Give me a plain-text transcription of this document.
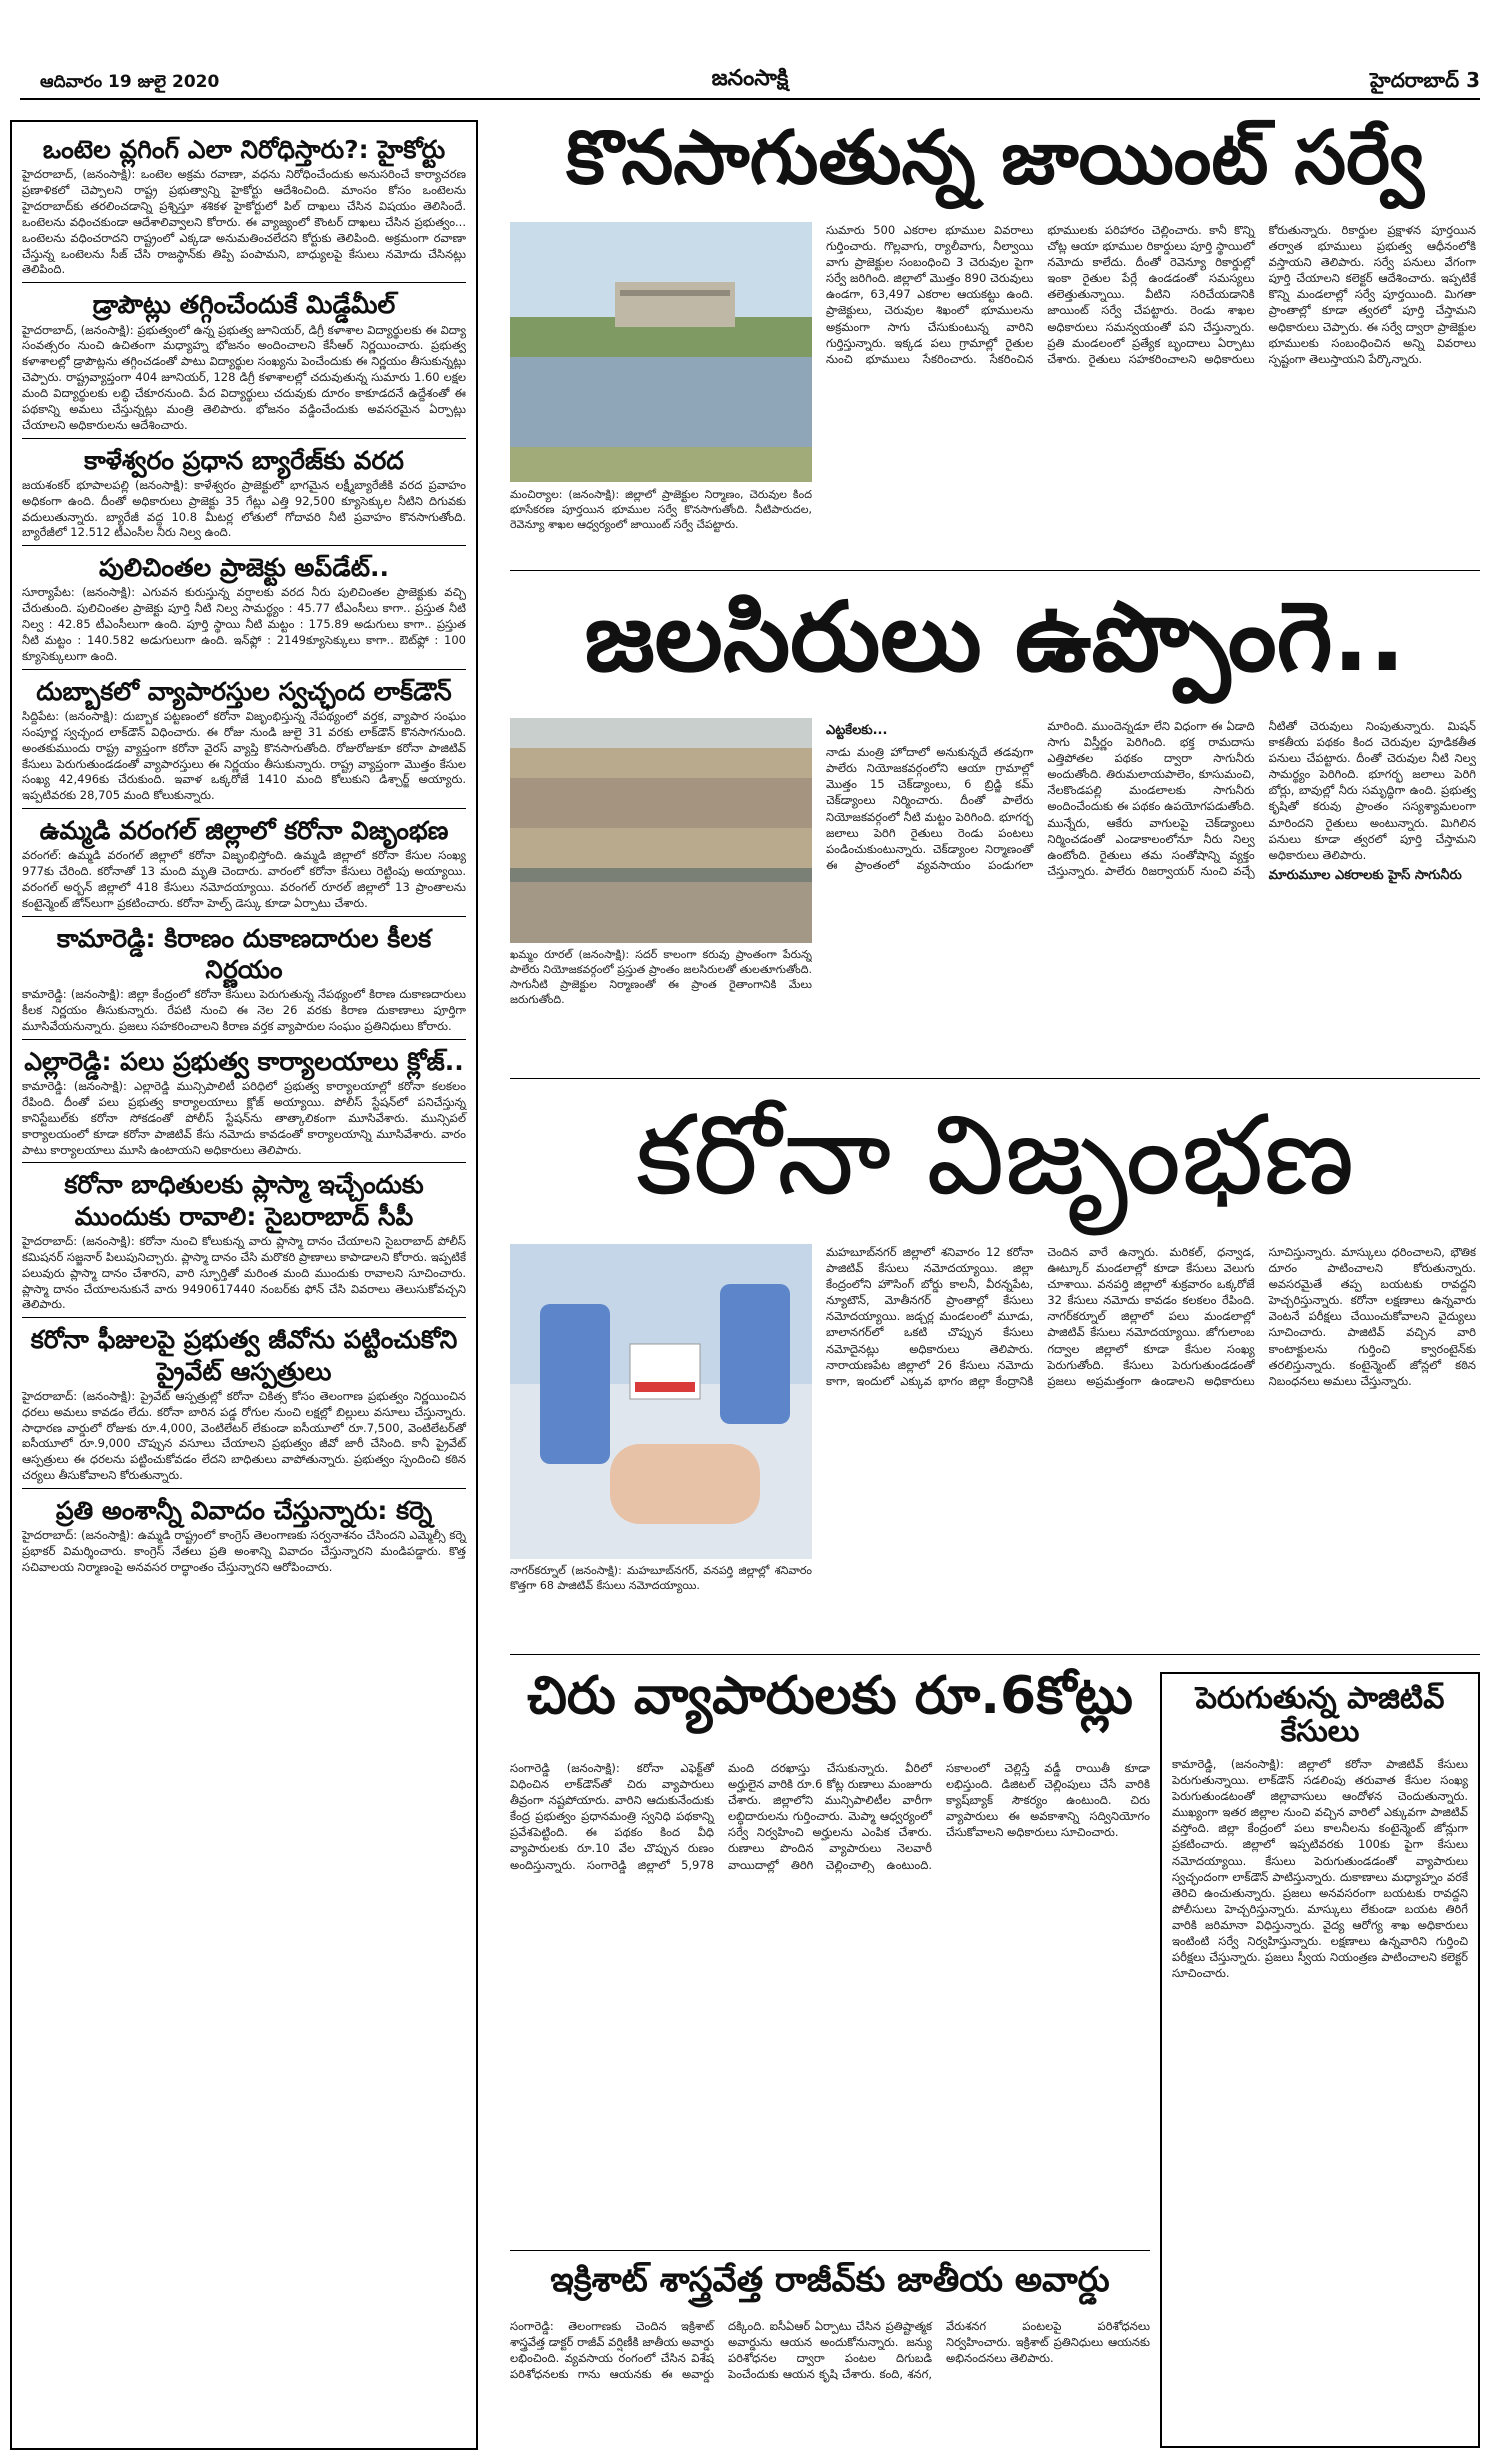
ఆదివారం 19 జులై 2020	జనంసాక్షి	హైదరాబాద్ 3
ఒంటెల వ్లగింగ్ ఎలా నిరోధిస్తారు?: హైకోర్టు
హైదరాబాద్, (జనంసాక్షి): ఒంటెల అక్రమ రవాణా, వధను నిరోధించేందుకు అనుసరించే కార్యాచరణ ప్రణాళికలో చెప్పాలని రాష్ట్ర ప్రభుత్వాన్ని హైకోర్టు ఆదేశించింది. మాంసం కోసం ఒంటెలను హైదరాబాద్‌కు తరలించడాన్ని ప్రశ్నిస్తూ శశికళ హైకోర్టులో పిల్ దాఖలు చేసిన విషయం తెలిసిందే. ఒంటెలను వధించకుండా ఆదేశాలివ్వాలని కోరారు. ఈ వ్యాజ్యంలో కౌంటర్ దాఖలు చేసిన ప్రభుత్వం... ఒంటెలను వధించరాదని రాష్ట్రంలో ఎక్కడా అనుమతించలేదని కోర్టుకు తెలిపింది. అక్రమంగా రవాణా చేస్తున్న ఒంటెలను సీజ్ చేసి రాజస్థాన్‌కు తిప్పి పంపామని, బాధ్యులపై కేసులు నమోదు చేసినట్లు తెలిపింది.
డ్రాపౌట్లు తగ్గించేందుకే మిడ్డేమీల్
హైదరాబాద్, (జనంసాక్షి): ప్రభుత్వంలో ఉన్న ప్రభుత్వ జూనియర్, డిగ్రీ కళాశాల విద్యార్థులకు ఈ విద్యా సంవత్సరం నుంచి ఉచితంగా మధ్యాహ్న భోజనం అందించాలని కేసీఆర్ నిర్ణయించారు. ప్రభుత్వ కళాశాలల్లో డ్రాపౌట్లను తగ్గించడంతో పాటు విద్యార్థుల సంఖ్యను పెంచేందుకు ఈ నిర్ణయం తీసుకున్నట్లు చెప్పారు. రాష్ట్రవ్యాప్తంగా 404 జూనియర్, 128 డిగ్రీ కళాశాలల్లో చదువుతున్న సుమారు 1.60 లక్షల మంది విద్యార్థులకు లబ్ధి చేకూరనుంది. పేద విద్యార్థులు చదువుకు దూరం కాకూడదనే ఉద్దేశంతో ఈ పథకాన్ని అమలు చేస్తున్నట్లు మంత్రి తెలిపారు. భోజనం వడ్డించేందుకు అవసరమైన ఏర్పాట్లు చేయాలని అధికారులను ఆదేశించారు.
కాళేశ్వరం ప్రధాన బ్యారేజ్‌కు వరద
జయశంకర్ భూపాలపల్లి (జనంసాక్షి): కాళేశ్వరం ప్రాజెక్టులో భాగమైన లక్ష్మీబ్యారేజీకి వరద ప్రవాహం అధికంగా ఉంది. దీంతో అధికారులు ప్రాజెక్టు 35 గేట్లు ఎత్తి 92,500 క్యూసెక్కుల నీటిని దిగువకు వదులుతున్నారు. బ్యారేజీ వద్ద 10.8 మీటర్ల లోతులో గోదావరి నీటి ప్రవాహం కొనసాగుతోంది. బ్యారేజీలో 12.512 టీఎంసీల నీరు నిల్వ ఉంది.
పులిచింతల ప్రాజెక్టు అప్‌డేట్..
సూర్యాపేట: (జనంసాక్షి): ఎగువన కురుస్తున్న వర్షాలకు వరద నీరు పులిచింతల ప్రాజెక్టుకు వచ్చి చేరుతుంది. పులిచింతల ప్రాజెక్టు పూర్తి నీటి నిల్వ సామర్థ్యం : 45.77 టీఎంసీలు కాగా.. ప్రస్తుత నీటి నిల్వ : 42.85 టీఎంసీలుగా ఉంది. పూర్తి స్థాయి నీటి మట్టం : 175.89 అడుగులు కాగా.. ప్రస్తుత నీటి మట్టం : 140.582 అడుగులుగా ఉంది. ఇన్‌ఫ్లో : 2149క్యూసెక్కులు కాగా.. ఔట్‌ఫ్లో : 100 క్యూసెక్కులుగా ఉంది.
దుబ్బాకలో వ్యాపారస్తుల స్వచ్ఛంద లాక్‌డౌన్
సిద్దిపేట: (జనంసాక్షి): దుబ్బాక పట్టణంలో కరోనా విజృంభిస్తున్న నేపథ్యంలో వర్తక, వ్యాపార సంఘం సంపూర్ణ స్వచ్ఛంద లాక్‌డౌన్ విధించారు. ఈ రోజు నుండి జులై 31 వరకు లాక్‌డౌన్ కొనసాగనుంది. అంతకుముందు రాష్ట్ర వ్యాప్తంగా కరోనా వైరస్ వ్యాప్తి కొనసాగుతోంది. రోజురోజుకూ కరోనా పాజిటివ్ కేసులు పెరుగుతుండడంతో వ్యాపారస్తులు ఈ నిర్ణయం తీసుకున్నారు. రాష్ట్ర వ్యాప్తంగా మొత్తం కేసుల సంఖ్య 42,496కు చేరుకుంది. ఇవాళ ఒక్కరోజే 1410 మంది కోలుకుని డిశ్చార్జ్ అయ్యారు. ఇప్పటివరకు 28,705 మంది కోలుకున్నారు.
ఉమ్మడి వరంగల్ జిల్లాలో కరోనా విజృంభణ
వరంగల్: ఉమ్మడి వరంగల్ జిల్లాలో కరోనా విజృంభిస్తోంది. ఉమ్మడి జిల్లాలో కరోనా కేసుల సంఖ్య 977కు చేరింది. కరోనాతో 13 మంది మృతి చెందారు. వారంలో కరోనా కేసులు రెట్టింపు అయ్యాయి. వరంగల్ అర్బన్ జిల్లాలో 418 కేసులు నమోదయ్యాయి. వరంగల్ రూరల్ జిల్లాలో 13 ప్రాంతాలను కంటైన్మెంట్ జోన్‌లుగా ప్రకటించారు. కరోనా హెల్ప్ డెస్కు కూడా ఏర్పాటు చేశారు.
కామారెడ్డి: కిరాణం దుకాణదారుల కీలక నిర్ణయం
కామారెడ్డి: (జనంసాక్షి): జిల్లా కేంద్రంలో కరోనా కేసులు పెరుగుతున్న నేపథ్యంలో కిరాణ దుకాణదారులు కీలక నిర్ణయం తీసుకున్నారు. రేపటి నుంచి ఈ నెల 26 వరకు కిరాణ దుకాణాలు పూర్తిగా మూసివేయనున్నారు. ప్రజలు సహకరించాలని కిరాణ వర్తక వ్యాపారుల సంఘం ప్రతినిధులు కోరారు.
ఎల్లారెడ్డి: పలు ప్రభుత్వ కార్యాలయాలు క్లోజ్..
కామారెడ్డి: (జనంసాక్షి): ఎల్లారెడ్డి మున్సిపాలిటీ పరిధిలో ప్రభుత్వ కార్యాలయాల్లో కరోనా కలకలం రేపింది. దీంతో పలు ప్రభుత్వ కార్యాలయాలు క్లోజ్ అయ్యాయి. పోలీస్ స్టేషన్‌లో పనిచేస్తున్న కానిస్టేబుల్‌కు కరోనా సోకడంతో పోలీస్ స్టేషన్‌ను తాత్కాలికంగా మూసివేశారు. మున్సిపల్ కార్యాలయంలో కూడా కరోనా పాజిటివ్ కేసు నమోదు కావడంతో కార్యాలయాన్ని మూసివేశారు. వారం పాటు కార్యాలయాలు మూసి ఉంటాయని అధికారులు తెలిపారు.
కరోనా బాధితులకు ప్లాస్మా ఇచ్చేందుకు ముందుకు రావాలి: సైబరాబాద్ సీపీ
హైదరాబాద్: (జనంసాక్షి): కరోనా నుంచి కోలుకున్న వారు ప్లాస్మా దానం చేయాలని సైబరాబాద్ పోలీస్ కమిషనర్ సజ్జనార్ పిలుపునిచ్చారు. ప్లాస్మా దానం చేసి మరొకరి ప్రాణాలు కాపాడాలని కోరారు. ఇప్పటికే పలువురు ప్లాస్మా దానం చేశారని, వారి స్ఫూర్తితో మరింత మంది ముందుకు రావాలని సూచించారు. ప్లాస్మా దానం చేయాలనుకునే వారు 9490617440 నంబర్‌కు ఫోన్ చేసి వివరాలు తెలుసుకోవచ్చని తెలిపారు.
కరోనా ఫీజులపై ప్రభుత్వ జీవోను పట్టించుకోని ప్రైవేట్ ఆస్పత్రులు
హైదరాబాద్: (జనంసాక్షి): ప్రైవేట్ ఆస్పత్రుల్లో కరోనా చికిత్స కోసం తెలంగాణ ప్రభుత్వం నిర్ణయించిన ధరలు అమలు కావడం లేదు. కరోనా బారిన పడ్డ రోగుల నుంచి లక్షల్లో బిల్లులు వసూలు చేస్తున్నారు. సాధారణ వార్డులో రోజుకు రూ.4,000, వెంటిలేటర్ లేకుండా ఐసీయూలో రూ.7,500, వెంటిలేటర్‌తో ఐసీయూలో రూ.9,000 చొప్పున వసూలు చేయాలని ప్రభుత్వం జీవో జారీ చేసింది. కానీ ప్రైవేట్ ఆస్పత్రులు ఈ ధరలను పట్టించుకోవడం లేదని బాధితులు వాపోతున్నారు. ప్రభుత్వం స్పందించి కఠిన చర్యలు తీసుకోవాలని కోరుతున్నారు.
ప్రతి అంశాన్నీ వివాదం చేస్తున్నారు: కర్నె
హైదరాబాద్: (జనంసాక్షి): ఉమ్మడి రాష్ట్రంలో కాంగ్రెస్ తెలంగాణకు సర్వనాశనం చేసిందని ఎమ్మెల్సీ కర్నె ప్రభాకర్ విమర్శించారు. కాంగ్రెస్ నేతలు ప్రతి అంశాన్ని వివాదం చేస్తున్నారని మండిపడ్డారు. కొత్త సచివాలయ నిర్మాణంపై అనవసర రాద్ధాంతం చేస్తున్నారని ఆరోపించారు.
కొనసాగుతున్న జాయింట్ సర్వే
మంచిర్యాల: (జనంసాక్షి): జిల్లాలో ప్రాజెక్టుల నిర్మాణం, చెరువుల కింద భూసేకరణ పూర్తయిన భూముల సర్వే కొనసాగుతోంది. నీటిపారుదల, రెవెన్యూ శాఖల ఆధ్వర్యంలో జాయింట్ సర్వే చేపట్టారు.
సుమారు 500 ఎకరాల భూముల వివరాలు గుర్తించారు. గొల్లవాగు, ర్యాలీవాగు, నీల్వాయి వాగు ప్రాజెక్టుల సంబంధించి 3 చెరువుల పైగా సర్వే జరిగింది. జిల్లాలో మొత్తం 890 చెరువులు ఉండగా, 63,497 ఎకరాల ఆయకట్టు ఉంది. ప్రాజెక్టులు, చెరువుల శిఖంలో భూములను అక్రమంగా సాగు చేసుకుంటున్న వారిని గుర్తిస్తున్నారు. ఇక్కడ పలు గ్రామాల్లో రైతుల నుంచి భూములు సేకరించారు. సేకరించిన భూములకు పరిహారం చెల్లించారు. కానీ కొన్ని చోట్ల ఆయా భూముల రికార్డులు పూర్తి స్థాయిలో నమోదు కాలేదు. దీంతో రెవెన్యూ రికార్డుల్లో ఇంకా రైతుల పేర్లే ఉండడంతో సమస్యలు తలెత్తుతున్నాయి. వీటిని సరిచేయడానికి జాయింట్ సర్వే చేపట్టారు. రెండు శాఖల అధికారులు సమన్వయంతో పని చేస్తున్నారు. ప్రతి మండలంలో ప్రత్యేక బృందాలు ఏర్పాటు చేశారు. రైతులు సహకరించాలని అధికారులు కోరుతున్నారు. రికార్డుల ప్రక్షాళన పూర్తయిన తర్వాత భూములు ప్రభుత్వ ఆధీనంలోకి వస్తాయని తెలిపారు. సర్వే పనులు వేగంగా పూర్తి చేయాలని కలెక్టర్ ఆదేశించారు. ఇప్పటికే కొన్ని మండలాల్లో సర్వే పూర్తయింది. మిగతా ప్రాంతాల్లో కూడా త్వరలో పూర్తి చేస్తామని అధికారులు చెప్పారు. ఈ సర్వే ద్వారా ప్రాజెక్టుల భూములకు సంబంధించిన అన్ని వివరాలు స్పష్టంగా తెలుస్తాయని పేర్కొన్నారు.
జలసిరులు ఉప్పొంగె..
ఖమ్మం రూరల్ (జనంసాక్షి): సదర్ కాలంగా కరువు ప్రాంతంగా పేరున్న పాలేరు నియోజకవర్గంలో ప్రస్తుత ప్రాంతం జలసిరులతో తులతూగుతోంది. సాగునీటి ప్రాజెక్టుల నిర్మాణంతో ఈ ప్రాంత రైతాంగానికి మేలు జరుగుతోంది.
ఎట్టకేలకు...
నాడు మంత్రి హోదాలో అనుకున్నదే తడవుగా పాలేరు నియోజకవర్గంలోని ఆయా గ్రామాల్లో మొత్తం 15 చెక్‌డ్యాంలు, 6 బ్రిడ్జి కమ్ చెక్‌డ్యాంలు నిర్మించారు. దీంతో పాలేరు నియోజకవర్గంలో నీటి మట్టం పెరిగింది. భూగర్భ జలాలు పెరిగి రైతులు రెండు పంటలు పండించుకుంటున్నారు. చెక్‌డ్యాంల నిర్మాణంతో ఈ ప్రాంతంలో వ్యవసాయం పండుగలా మారింది. ముందెన్నడూ లేని విధంగా ఈ ఏడాది సాగు విస్తీర్ణం పెరిగింది. భక్త రామదాసు ఎత్తిపోతల పథకం ద్వారా సాగునీరు అందుతోంది. తిరుమలాయపాలెం, కూసుమంచి, నేలకొండపల్లి మండలాలకు సాగునీరు అందించేందుకు ఈ పథకం ఉపయోగపడుతోంది. మున్నేరు, ఆకేరు వాగులపై చెక్‌డ్యాంలు నిర్మించడంతో ఎండాకాలంలోనూ నీరు నిల్వ ఉంటోంది. రైతులు తమ సంతోషాన్ని వ్యక్తం చేస్తున్నారు. పాలేరు రిజర్వాయర్ నుంచి వచ్చే నీటితో చెరువులు నింపుతున్నారు. మిషన్ కాకతీయ పథకం కింద చెరువుల పూడికతీత పనులు చేపట్టారు. దీంతో చెరువుల నీటి నిల్వ సామర్థ్యం పెరిగింది. భూగర్భ జలాలు పెరిగి బోర్లు, బావుల్లో నీరు సమృద్ధిగా ఉంది. ప్రభుత్వ కృషితో కరువు ప్రాంతం సస్యశ్యామలంగా మారిందని రైతులు అంటున్నారు. మిగిలిన పనులు కూడా త్వరలో పూర్తి చేస్తామని అధికారులు తెలిపారు.
మారుమూల ఎకరాలకు హైస్ సాగునీరు
కరోనా విజృంభణ
నాగర్‌కర్నూల్ (జనంసాక్షి): మహబూబ్‌నగర్, వనపర్తి జిల్లాల్లో శనివారం కొత్తగా 68 పాజిటివ్ కేసులు నమోదయ్యాయి.
మహబూబ్‌నగర్ జిల్లాలో శనివారం 12 కరోనా పాజిటివ్ కేసులు నమోదయ్యాయి. జిల్లా కేంద్రంలోని హౌసింగ్ బోర్డు కాలనీ, వీరన్నపేట, న్యూటౌన్, మోతీనగర్ ప్రాంతాల్లో కేసులు నమోదయ్యాయి. జడ్చర్ల మండలంలో మూడు, బాలానగర్‌లో ఒకటి చొప్పున కేసులు నమోదైనట్లు అధికారులు తెలిపారు. నారాయణపేట జిల్లాలో 26 కేసులు నమోదు కాగా, ఇందులో ఎక్కువ భాగం జిల్లా కేంద్రానికి చెందిన వారే ఉన్నారు. మరికల్, ధన్వాడ, ఊట్కూర్ మండలాల్లో కూడా కేసులు వెలుగు చూశాయి. వనపర్తి జిల్లాలో శుక్రవారం ఒక్కరోజే 32 కేసులు నమోదు కావడం కలకలం రేపింది. నాగర్‌కర్నూల్ జిల్లాలో పలు మండలాల్లో పాజిటివ్ కేసులు నమోదయ్యాయి. జోగులాంబ గద్వాల జిల్లాలో కూడా కేసుల సంఖ్య పెరుగుతోంది. కేసులు పెరుగుతుండడంతో ప్రజలు అప్రమత్తంగా ఉండాలని అధికారులు సూచిస్తున్నారు. మాస్కులు ధరించాలని, భౌతిక దూరం పాటించాలని కోరుతున్నారు. అవసరమైతే తప్ప బయటకు రావద్దని హెచ్చరిస్తున్నారు. కరోనా లక్షణాలు ఉన్నవారు వెంటనే పరీక్షలు చేయించుకోవాలని వైద్యులు సూచించారు. పాజిటివ్ వచ్చిన వారి కాంటాక్టులను గుర్తించి క్వారంటైన్‌కు తరలిస్తున్నారు. కంటైన్మెంట్ జోన్లలో కఠిన నిబంధనలు అమలు చేస్తున్నారు.
చిరు వ్యాపారులకు రూ.6కోట్లు
సంగారెడ్డి (జనంసాక్షి): కరోనా ఎఫెక్ట్‌తో విధించిన లాక్‌డౌన్‌తో చిరు వ్యాపారులు తీవ్రంగా నష్టపోయారు. వారిని ఆదుకునేందుకు కేంద్ర ప్రభుత్వం ప్రధానమంత్రి స్వనిధి పథకాన్ని ప్రవేశపెట్టింది. ఈ పథకం కింద వీధి వ్యాపారులకు రూ.10 వేల చొప్పున రుణం అందిస్తున్నారు. సంగారెడ్డి జిల్లాలో 5,978 మంది దరఖాస్తు చేసుకున్నారు. వీరిలో అర్హులైన వారికి రూ.6 కోట్ల రుణాలు మంజూరు చేశారు. జిల్లాలోని మున్సిపాలిటీల వారీగా లబ్ధిదారులను గుర్తించారు. మెప్మా ఆధ్వర్యంలో సర్వే నిర్వహించి అర్హులను ఎంపిక చేశారు. రుణాలు పొందిన వ్యాపారులు నెలవారీ వాయిదాల్లో తిరిగి చెల్లించాల్సి ఉంటుంది. సకాలంలో చెల్లిస్తే వడ్డీ రాయితీ కూడా లభిస్తుంది. డిజిటల్ చెల్లింపులు చేసే వారికి క్యాష్‌బ్యాక్ సౌకర్యం ఉంటుంది. చిరు వ్యాపారులు ఈ అవకాశాన్ని సద్వినియోగం చేసుకోవాలని అధికారులు సూచించారు.
ఇక్రిశాట్ శాస్త్రవేత్త రాజీవ్‌కు జాతీయ అవార్డు
సంగారెడ్డి: తెలంగాణకు చెందిన ఇక్రిశాట్ శాస్త్రవేత్త డాక్టర్ రాజీవ్ వర్షిణీకి జాతీయ అవార్డు లభించింది. వ్యవసాయ రంగంలో చేసిన విశేష పరిశోధనలకు గాను ఆయనకు ఈ అవార్డు దక్కింది. ఐసీఏఆర్ ఏర్పాటు చేసిన ప్రతిష్టాత్మక అవార్డును ఆయన అందుకోనున్నారు. జన్యు పరిశోధనల ద్వారా పంటల దిగుబడి పెంచేందుకు ఆయన కృషి చేశారు. కంది, శనగ, వేరుశనగ పంటలపై పరిశోధనలు నిర్వహించారు. ఇక్రిశాట్ ప్రతినిధులు ఆయనకు అభినందనలు తెలిపారు.
పెరుగుతున్న పాజిటివ్ కేసులు
కామారెడ్డి, (జనంసాక్షి): జిల్లాలో కరోనా పాజిటివ్ కేసులు పెరుగుతున్నాయి. లాక్‌డౌన్ సడలింపు తరువాత కేసుల సంఖ్య పెరుగుతుండటంతో జిల్లావాసులు ఆందోళన చెందుతున్నారు. ముఖ్యంగా ఇతర జిల్లాల నుంచి వచ్చిన వారిలో ఎక్కువగా పాజిటివ్ వస్తోంది. జిల్లా కేంద్రంలో పలు కాలనీలను కంటైన్మెంట్ జోన్లుగా ప్రకటించారు. జిల్లాలో ఇప్పటివరకు 100కు పైగా కేసులు నమోదయ్యాయి. కేసులు పెరుగుతుండడంతో వ్యాపారులు స్వచ్ఛందంగా లాక్‌డౌన్ పాటిస్తున్నారు. దుకాణాలు మధ్యాహ్నం వరకే తెరిచి ఉంచుతున్నారు. ప్రజలు అనవసరంగా బయటకు రావద్దని పోలీసులు హెచ్చరిస్తున్నారు. మాస్కులు లేకుండా బయట తిరిగే వారికి జరిమానా విధిస్తున్నారు. వైద్య ఆరోగ్య శాఖ అధికారులు ఇంటింటి సర్వే నిర్వహిస్తున్నారు. లక్షణాలు ఉన్నవారిని గుర్తించి పరీక్షలు చేస్తున్నారు. ప్రజలు స్వీయ నియంత్రణ పాటించాలని కలెక్టర్ సూచించారు.
